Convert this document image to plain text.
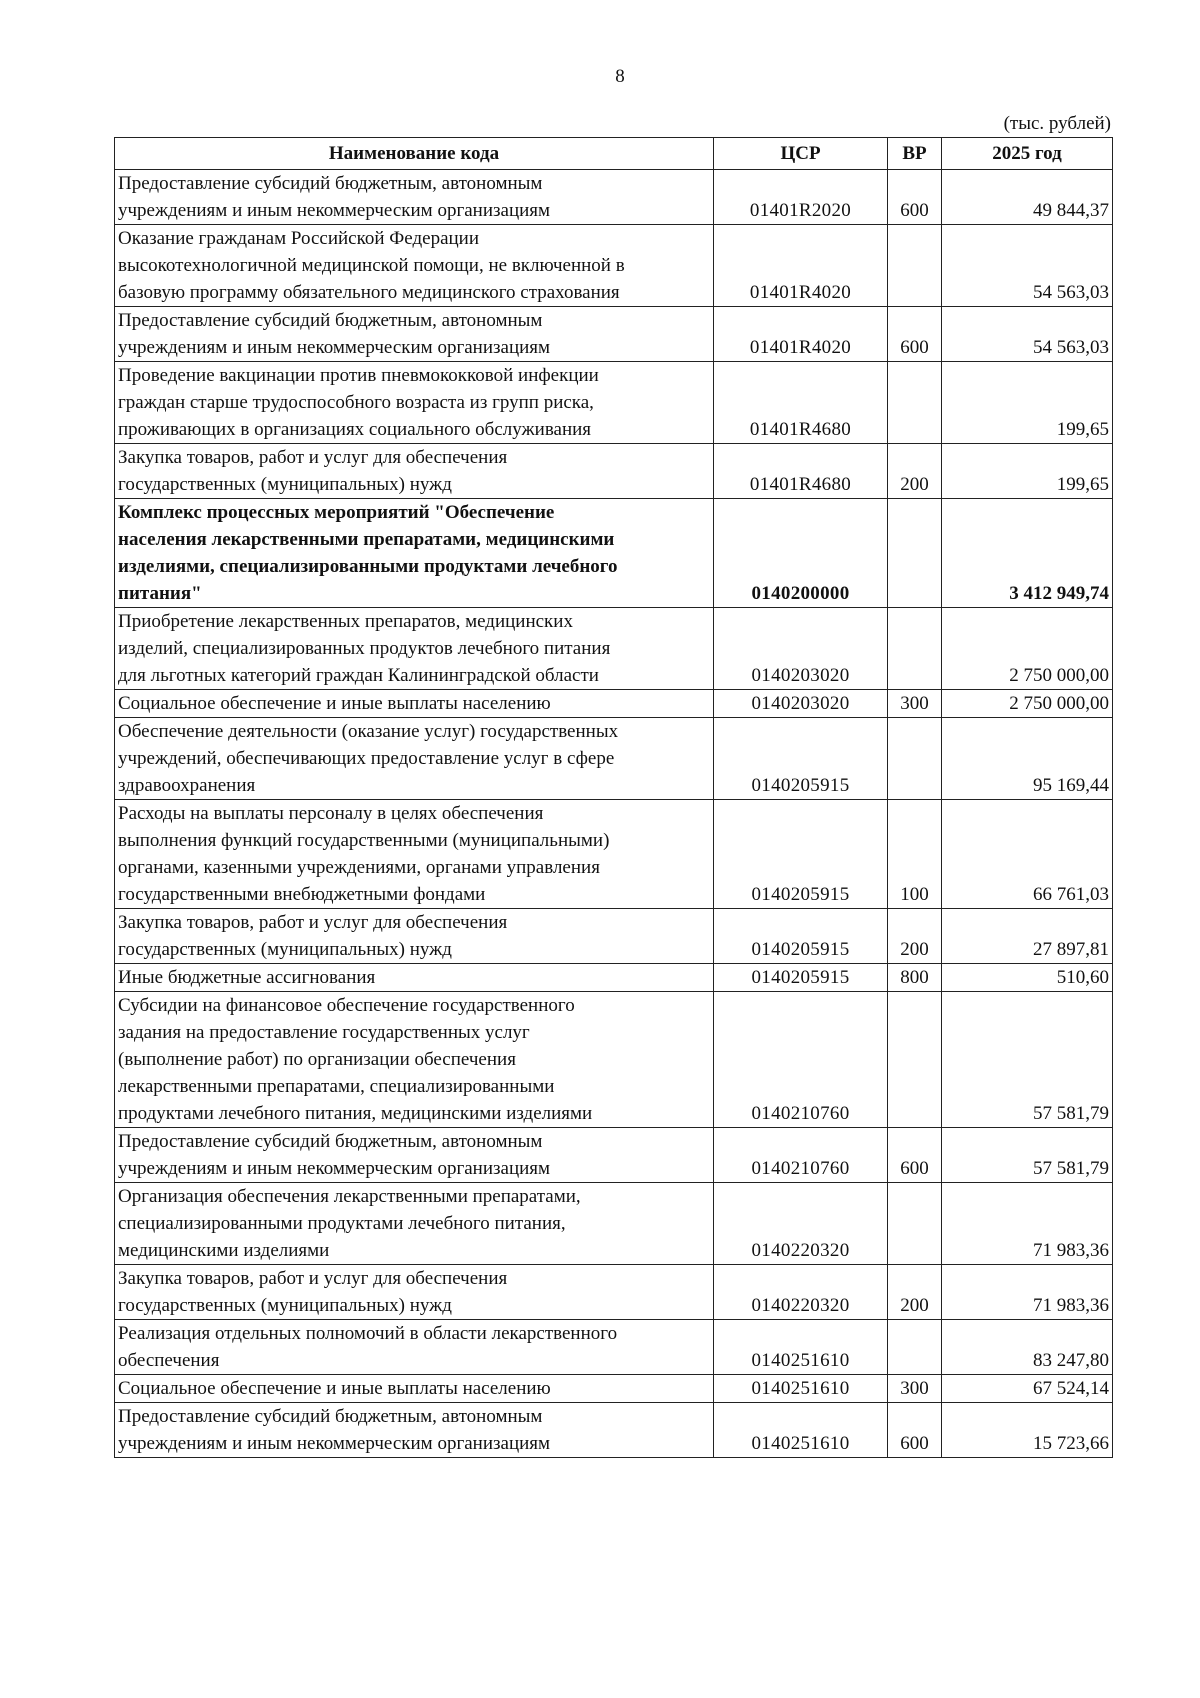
8
(тыс. рублей)
Наименование кода	ЦСР	ВР	2025 год
Предоставление субсидий бюджетным, автономным
учреждениям и иным некоммерческим организациям	01401R2020	600	49 844,37
Оказание гражданам Российской Федерации
высокотехнологичной медицинской помощи, не включенной в
базовую программу обязательного медицинского страхования	01401R4020		54 563,03
Предоставление субсидий бюджетным, автономным
учреждениям и иным некоммерческим организациям	01401R4020	600	54 563,03
Проведение вакцинации против пневмококковой инфекции
граждан старше трудоспособного возраста из групп риска,
проживающих в организациях социального обслуживания	01401R4680		199,65
Закупка товаров, работ и услуг для обеспечения
государственных (муниципальных) нужд	01401R4680	200	199,65
Комплекс процессных мероприятий "Обеспечение
населения лекарственными препаратами, медицинскими
изделиями, специализированными продуктами лечебного
питания"	0140200000		3 412 949,74
Приобретение лекарственных препаратов, медицинских
изделий, специализированных продуктов лечебного питания
для льготных категорий граждан Калининградской области	0140203020		2 750 000,00
Социальное обеспечение и иные выплаты населению	0140203020	300	2 750 000,00
Обеспечение деятельности (оказание услуг) государственных
учреждений, обеспечивающих предоставление услуг в сфере
здравоохранения	0140205915		95 169,44
Расходы на выплаты персоналу в целях обеспечения
выполнения функций государственными (муниципальными)
органами, казенными учреждениями, органами управления
государственными внебюджетными фондами	0140205915	100	66 761,03
Закупка товаров, работ и услуг для обеспечения
государственных (муниципальных) нужд	0140205915	200	27 897,81
Иные бюджетные ассигнования	0140205915	800	510,60
Субсидии на финансовое обеспечение государственного
задания на предоставление государственных услуг
(выполнение работ) по организации обеспечения
лекарственными препаратами, специализированными
продуктами лечебного питания, медицинскими изделиями	0140210760		57 581,79
Предоставление субсидий бюджетным, автономным
учреждениям и иным некоммерческим организациям	0140210760	600	57 581,79
Организация обеспечения лекарственными препаратами,
специализированными продуктами лечебного питания,
медицинскими изделиями	0140220320		71 983,36
Закупка товаров, работ и услуг для обеспечения
государственных (муниципальных) нужд	0140220320	200	71 983,36
Реализация отдельных полномочий в области лекарственного
обеспечения	0140251610		83 247,80
Социальное обеспечение и иные выплаты населению	0140251610	300	67 524,14
Предоставление субсидий бюджетным, автономным
учреждениям и иным некоммерческим организациям	0140251610	600	15 723,66
